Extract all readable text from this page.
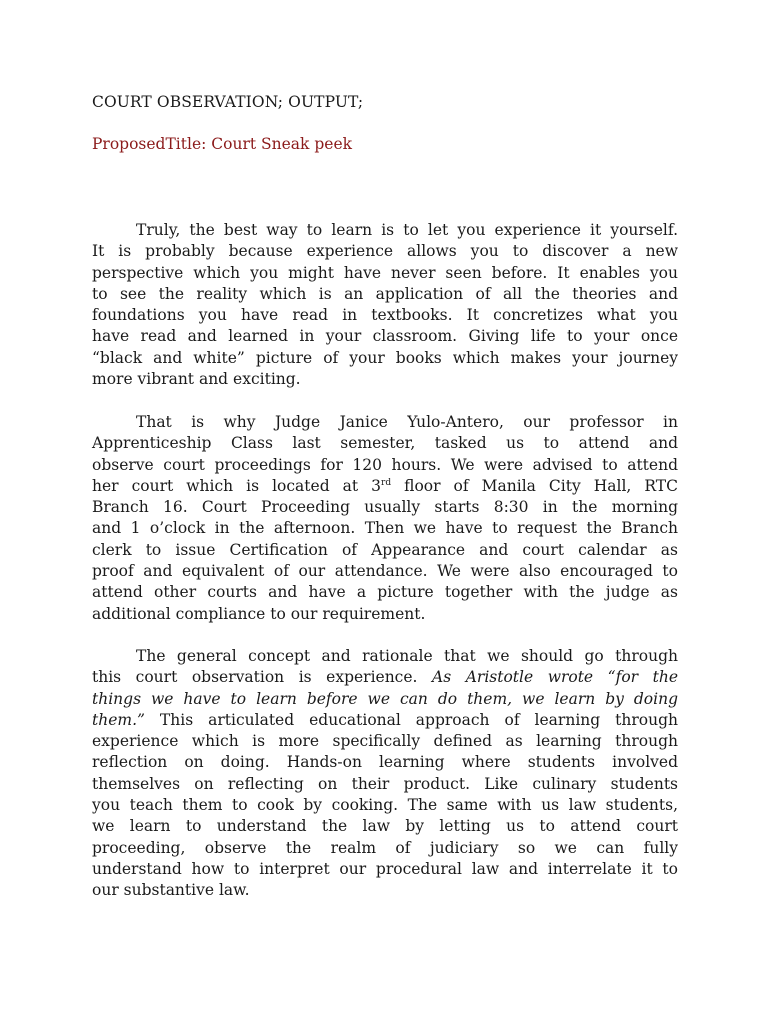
COURT OBSERVATION; OUTPUT;
ProposedTitle: Court Sneak peek
Truly, the best way to learn is to let you experience it yourself.
It is probably because experience allows you to discover a new
perspective which you might have never seen before. It enables you
to see the reality which is an application of all the theories and
foundations you have read in textbooks. It concretizes what you
have read and learned in your classroom. Giving life to your once
“black and white” picture of your books which makes your journey
more vibrant and exciting.
That is why Judge Janice Yulo-Antero, our professor in
Apprenticeship Class last semester, tasked us to attend and
observe court proceedings for 120 hours. We were advised to attend
her court which is located at 3rd floor of Manila City Hall, RTC
Branch 16. Court Proceeding usually starts 8:30 in the morning
and 1 o’clock in the afternoon. Then we have to request the Branch
clerk to issue Certification of Appearance and court calendar as
proof and equivalent of our attendance. We were also encouraged to
attend other courts and have a picture together with the judge as
additional compliance to our requirement.
The general concept and rationale that we should go through
this court observation is experience. As Aristotle wrote “for the
things we have to learn before we can do them, we learn by doing
them.” This articulated educational approach of learning through
experience which is more specifically defined as learning through
reflection on doing. Hands-on learning where students involved
themselves on reflecting on their product. Like culinary students
you teach them to cook by cooking. The same with us law students,
we learn to understand the law by letting us to attend court
proceeding, observe the realm of judiciary so we can fully
understand how to interpret our procedural law and interrelate it to
our substantive law.
